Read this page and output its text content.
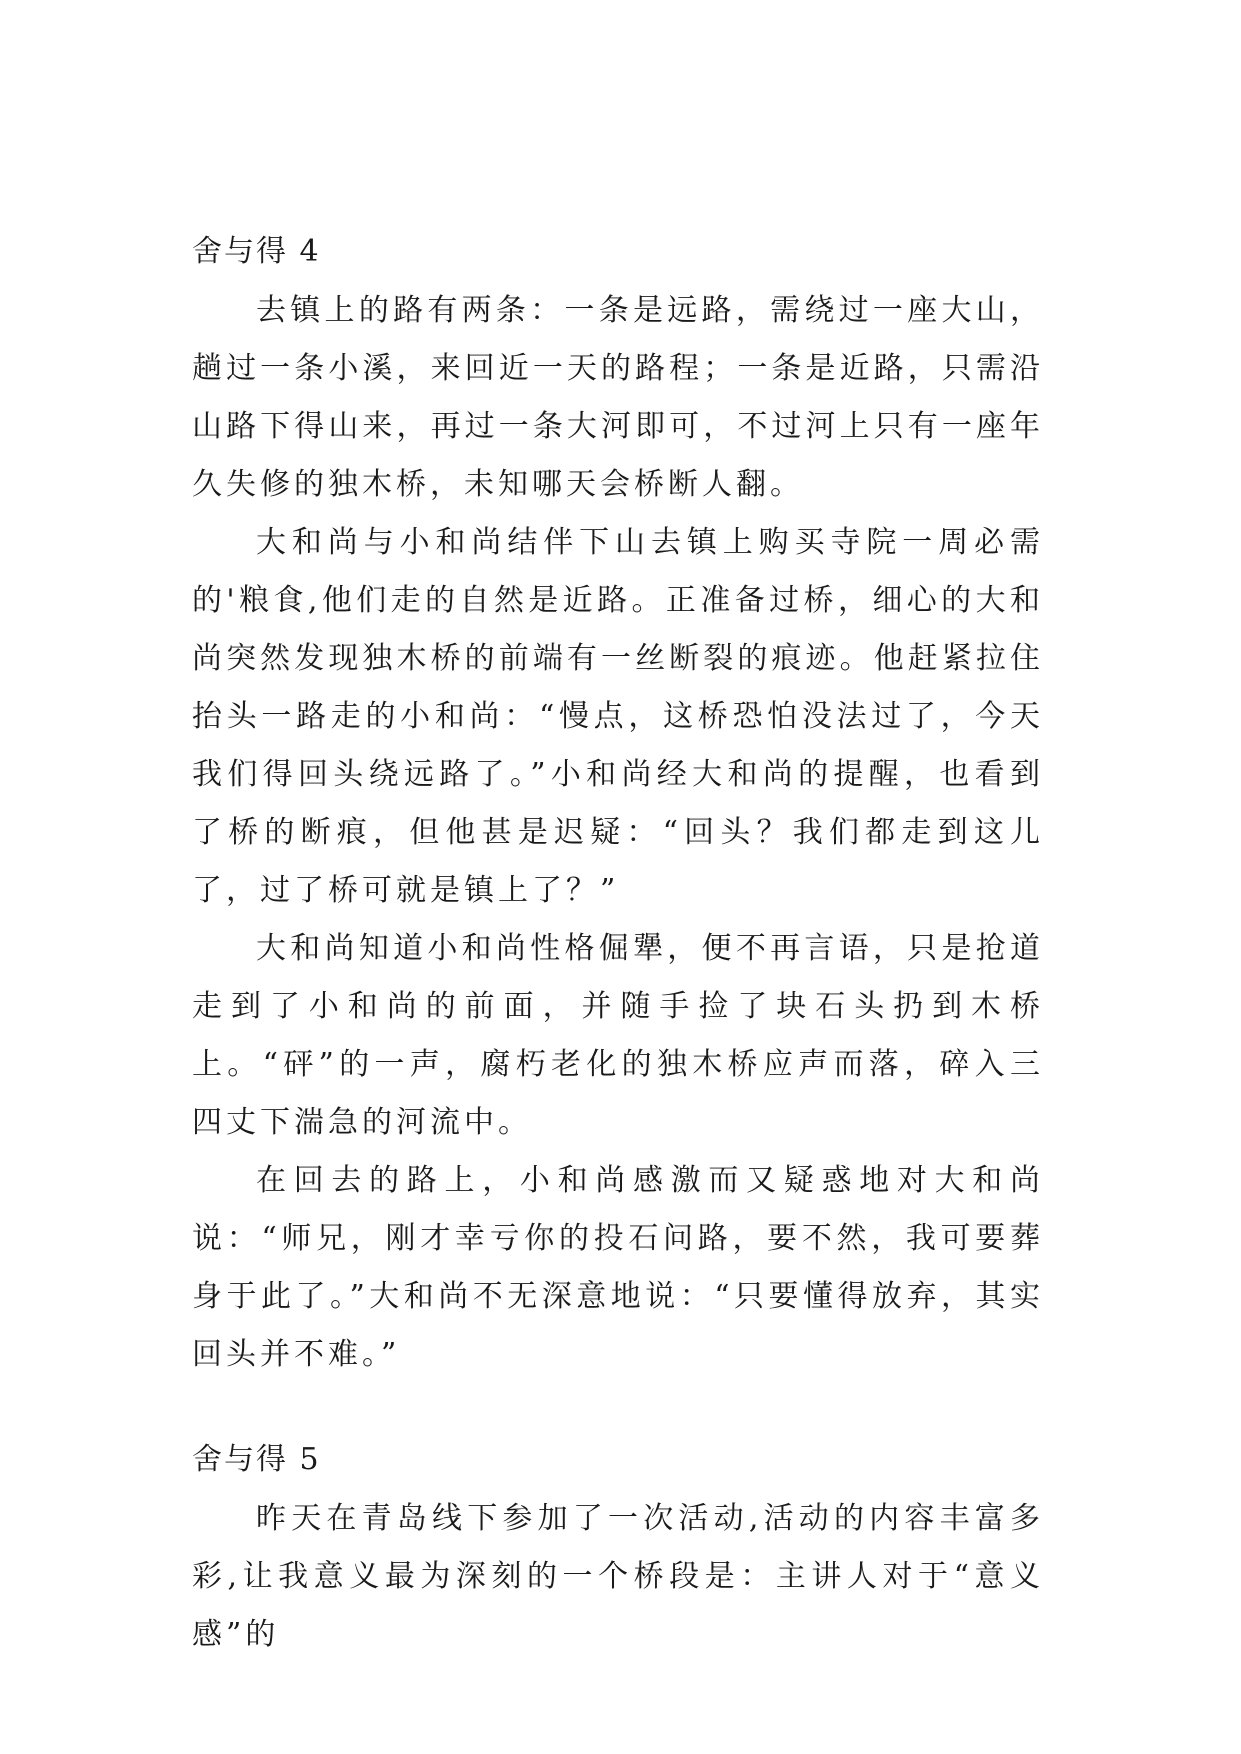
舍与得 4

去镇上的路有两条：一条是远路，需绕过一座大山，趟过一条小溪，来回近一天的路程；一条是近路，只需沿山路下得山来，再过一条大河即可，不过河上只有一座年久失修的独木桥，未知哪天会桥断人翻。

大和尚与小和尚结伴下山去镇上购买寺院一周必需的'粮食,他们走的自然是近路。正准备过桥，细心的大和尚突然发现独木桥的前端有一丝断裂的痕迹。他赶紧拉住抬头一路走的小和尚：“慢点，这桥恐怕没法过了，今天我们得回头绕远路了。”小和尚经大和尚的提醒，也看到了桥的断痕，但他甚是迟疑：“回头？我们都走到这儿了，过了桥可就是镇上了？”

大和尚知道小和尚性格倔犟，便不再言语，只是抢道走到了小和尚的前面，并随手捡了块石头扔到木桥上。“砰”的一声，腐朽老化的独木桥应声而落，碎入三四丈下湍急的河流中。

在回去的路上，小和尚感激而又疑惑地对大和尚说：“师兄，刚才幸亏你的投石问路，要不然，我可要葬身于此了。”大和尚不无深意地说：“只要懂得放弃，其实回头并不难。”

舍与得 5

昨天在青岛线下参加了一次活动,活动的内容丰富多彩,让我意义最为深刻的一个桥段是：主讲人对于“意义感”的
